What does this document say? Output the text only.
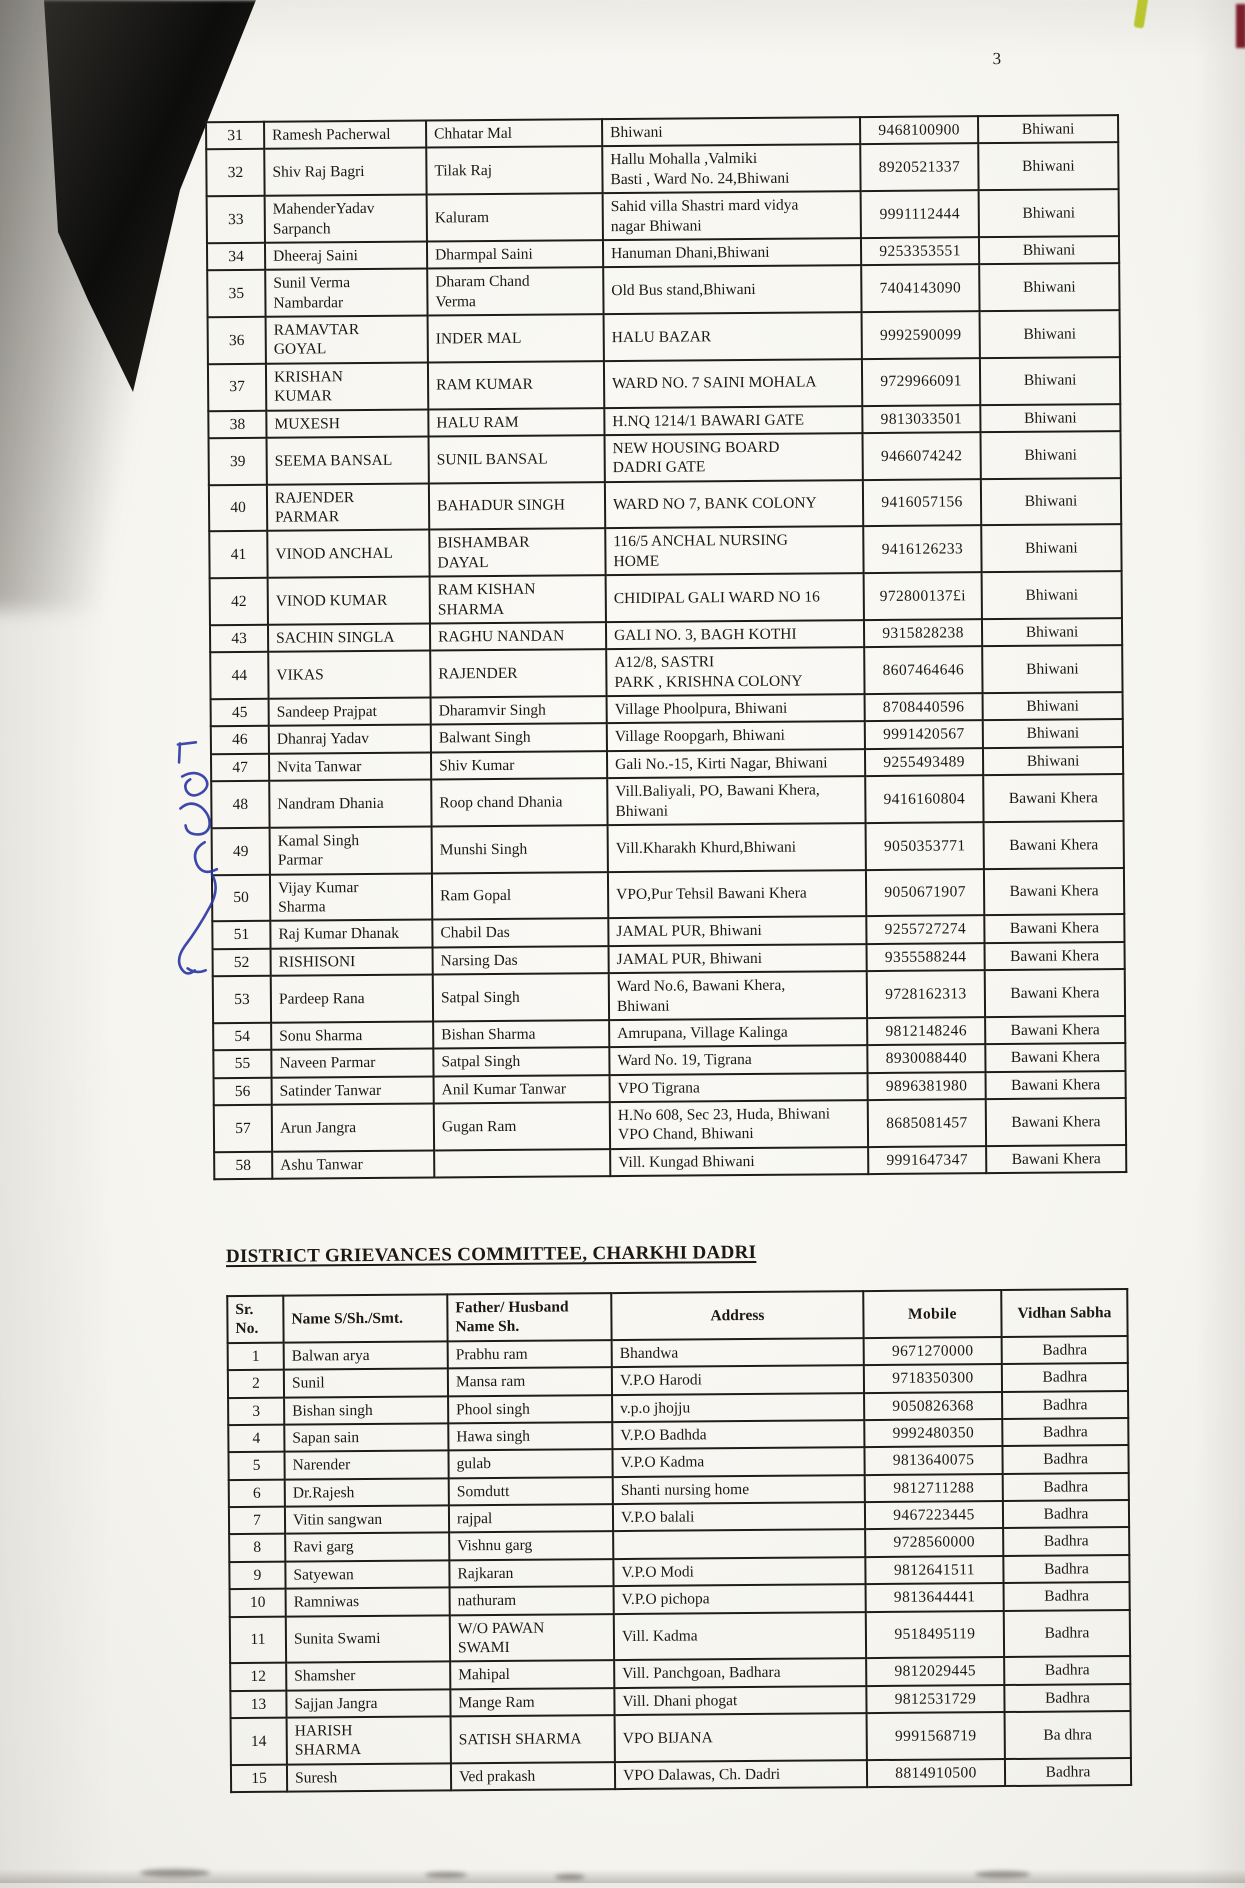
3
31	Ramesh Pacherwal	Chhatar Mal	Bhiwani	9468100900	Bhiwani
32	Shiv Raj Bagri	Tilak Raj	Hallu Mohalla ,Valmiki
Basti , Ward No. 24,Bhiwani	8920521337	Bhiwani
33	MahenderYadav
Sarpanch	Kaluram	Sahid villa Shastri mard vidya
nagar Bhiwani	9991112444	Bhiwani
34	Dheeraj Saini	Dharmpal Saini	Hanuman Dhani,Bhiwani	9253353551	Bhiwani
35	Sunil Verma
Nambardar	Dharam Chand
Verma	Old Bus stand,Bhiwani	7404143090	Bhiwani
36	RAMAVTAR
GOYAL	INDER MAL	HALU BAZAR	9992590099	Bhiwani
37	KRISHAN
KUMAR	RAM KUMAR	WARD NO. 7 SAINI MOHALA	9729966091	Bhiwani
38	MUXESH	HALU RAM	H.NQ 1214/1 BAWARI GATE	9813033501	Bhiwani
39	SEEMA BANSAL	SUNIL BANSAL	NEW HOUSING BOARD
DADRI GATE	9466074242	Bhiwani
40	RAJENDER
PARMAR	BAHADUR SINGH	WARD NO 7, BANK COLONY	9416057156	Bhiwani
41	VINOD ANCHAL	BISHAMBAR
DAYAL	116/5 ANCHAL NURSING
HOME	9416126233	Bhiwani
42	VINOD KUMAR	RAM KISHAN
SHARMA	CHIDIPAL GALI WARD NO 16	972800137£i	Bhiwani
43	SACHIN SINGLA	RAGHU NANDAN	GALI NO. 3, BAGH KOTHI	9315828238	Bhiwani
44	VIKAS	RAJENDER	A12/8, SASTRI
PARK , KRISHNA COLONY	8607464646	Bhiwani
45	Sandeep Prajpat	Dharamvir Singh	Village Phoolpura, Bhiwani	8708440596	Bhiwani
46	Dhanraj Yadav	Balwant Singh	Village Roopgarh, Bhiwani	9991420567	Bhiwani
47	Nvita Tanwar	Shiv Kumar	Gali No.-15, Kirti Nagar, Bhiwani	9255493489	Bhiwani
48	Nandram Dhania	Roop chand Dhania	Vill.Baliyali, PO, Bawani Khera,
Bhiwani	9416160804	Bawani Khera
49	Kamal Singh
Parmar	Munshi Singh	Vill.Kharakh Khurd,Bhiwani	9050353771	Bawani Khera
50	Vijay Kumar
Sharma	Ram Gopal	VPO,Pur Tehsil Bawani Khera	9050671907	Bawani Khera
51	Raj Kumar Dhanak	Chabil Das	JAMAL PUR, Bhiwani	9255727274	Bawani Khera
52	RISHISONI	Narsing Das	JAMAL PUR, Bhiwani	9355588244	Bawani Khera
53	Pardeep Rana	Satpal Singh	Ward No.6, Bawani Khera,
Bhiwani	9728162313	Bawani Khera
54	Sonu Sharma	Bishan Sharma	Amrupana, Village Kalinga	9812148246	Bawani Khera
55	Naveen Parmar	Satpal Singh	Ward No. 19, Tigrana	8930088440	Bawani Khera
56	Satinder Tanwar	Anil Kumar Tanwar	VPO Tigrana	9896381980	Bawani Khera
57	Arun Jangra	Gugan Ram	H.No 608, Sec 23, Huda, Bhiwani
VPO Chand, Bhiwani	8685081457	Bawani Khera
58	Ashu Tanwar		Vill. Kungad Bhiwani	9991647347	Bawani Khera
DISTRICT GRIEVANCES COMMITTEE, CHARKHI DADRI
Sr.
No.	Name S/Sh./Smt.	Father/ Husband
Name Sh.	Address	Mobile	Vidhan Sabha
1	Balwan arya	Prabhu ram	Bhandwa	9671270000	Badhra
2	Sunil	Mansa ram	V.P.O Harodi	9718350300	Badhra
3	Bishan singh	Phool singh	v.p.o jhojju	9050826368	Badhra
4	Sapan sain	Hawa singh	V.P.O Badhda	9992480350	Badhra
5	Narender	gulab	V.P.O Kadma	9813640075	Badhra
6	Dr.Rajesh	Somdutt	Shanti nursing home	9812711288	Badhra
7	Vitin sangwan	rajpal	V.P.O balali	9467223445	Badhra
8	Ravi garg	Vishnu garg		9728560000	Badhra
9	Satyewan	Rajkaran	V.P.O Modi	9812641511	Badhra
10	Ramniwas	nathuram	V.P.O pichopa	9813644441	Badhra
11	Sunita Swami	W/O PAWAN
SWAMI	Vill. Kadma	9518495119	Badhra
12	Shamsher	Mahipal	Vill. Panchgoan, Badhara	9812029445	Badhra
13	Sajjan Jangra	Mange Ram	Vill. Dhani phogat	9812531729	Badhra
14	HARISH
SHARMA	SATISH SHARMA	VPO BIJANA	9991568719	Ba dhra
15	Suresh	Ved prakash	VPO Dalawas, Ch. Dadri	8814910500	Badhra
